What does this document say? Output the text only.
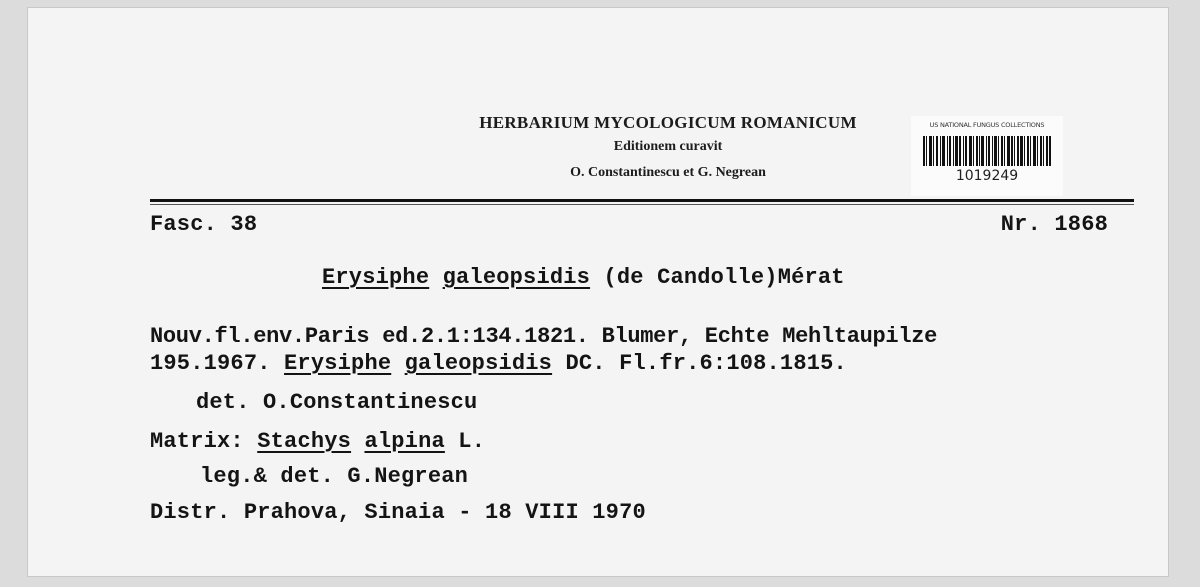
HERBARIUM MYCOLOGICUM ROMANICUM
Editionem curavit
O. Constantinescu et G. Negrean
US NATIONAL FUNGUS COLLECTIONS
1019249
Fasc. 38	Nr. 1868
Erysiphe galeopsidis (de Candolle)Mérat
Nouv.fl.env.Paris ed.2.1:134.1821. Blumer, Echte Mehltaupilze
195.1967. Erysiphe galeopsidis DC. Fl.fr.6:108.1815.
det. O.Constantinescu
Matrix: Stachys alpina L.
leg.& det. G.Negrean
Distr. Prahova, Sinaia - 18 VIII 1970
